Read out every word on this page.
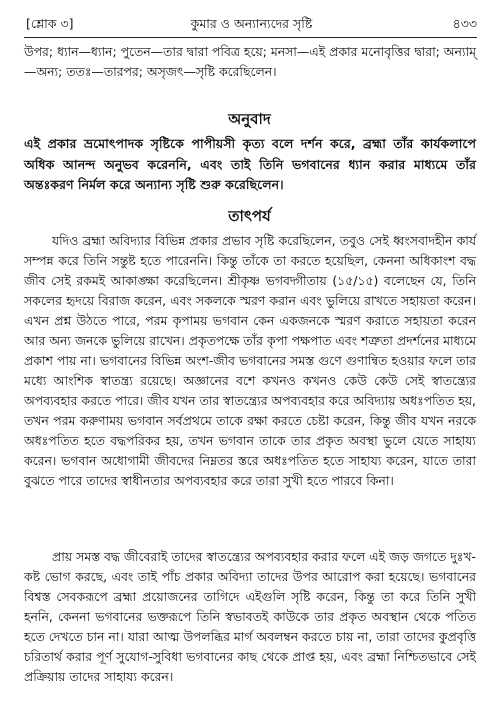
[শ্লোক ৩]	কুমার ও অন্যান্যদের সৃষ্টি	৪৩৩

উপর; ধ্যান—ধ্যান; পুতেন—তার দ্বারা পবিত্র হয়ে; মনসা—এই প্রকার মনোবৃত্তির দ্বারা; অন্যাম্—অন্য; ততঃ—তারপর; অসৃজৎ—সৃষ্টি করেছিলেন।

অনুবাদ

এই প্রকার ভ্রমোৎপাদক সৃষ্টিকে পাপীয়সী কৃত্য বলে দর্শন করে, ব্রহ্মা তাঁর কার্যকলাপে অধিক আনন্দ অনুভব করেননি, এবং তাই তিনি ভগবানের ধ্যান করার মাধ্যমে তাঁর অন্তঃকরণ নির্মল করে অন্যান্য সৃষ্টি শুরু করেছিলেন।

তাৎপর্য

যদিও ব্রহ্মা অবিদ্যার বিভিন্ন প্রকার প্রভাব সৃষ্টি করেছিলেন, তবুও সেই ধ্বংসবাদহীন কার্য সম্পন্ন করে তিনি সন্তুষ্ট হতে পারেননি। কিন্তু তাঁকে তা করতে হয়েছিল, কেননা অধিকাংশ বদ্ধ জীব সেই রকমই আকাঙ্ক্ষা করেছিলেন। শ্রীকৃষ্ণ ভগবদ্গীতায় (১৫/১৫) বলেছেন যে, তিনি সকলের হৃদয়ে বিরাজ করেন, এবং সকলকে স্মরণ করান এবং ভুলিয়ে রাখতে সহায়তা করেন। এখন প্রশ্ন উঠতে পারে, পরম কৃপাময় ভগবান কেন একজনকে স্মরণ করাতে সহায়তা করেন আর অন্য জনকে ভুলিয়ে রাখেন। প্রকৃতপক্ষে তাঁর কৃপা পক্ষপাত এবং শত্রুতা প্রদর্শনের মাধ্যমে প্রকাশ পায় না। ভগবানের বিভিন্ন অংশ-জীব ভগবানের সমস্ত গুণে গুণান্বিত হওয়ার ফলে তার মধ্যে আংশিক স্বাতন্ত্র্য রয়েছে। অজ্ঞানের বশে কখনও কখনও কেউ কেউ সেই স্বাতন্ত্র্যের অপব্যবহার করতে পারে। জীব যখন তার স্বাতন্ত্র্যের অপব্যবহার করে অবিদ্যায় অধঃপতিত হয়, তখন পরম করুণাময় ভগবান সর্বপ্রথমে তাকে রক্ষা করতে চেষ্টা করেন, কিন্তু জীব যখন নরকে অধঃপতিত হতে বদ্ধপরিকর হয়, তখন ভগবান তাকে তার প্রকৃত অবস্থা ভুলে যেতে সাহায্য করেন। ভগবান অধোগামী জীবদের নিম্নতর স্তরে অধঃপতিত হতে সাহায্য করেন, যাতে তারা বুঝতে পারে তাদের স্বাধীনতার অপব্যবহার করে তারা সুখী হতে পারবে কিনা।

প্রায় সমস্ত বদ্ধ জীবেরাই তাদের স্বাতন্ত্র্যের অপব্যবহার করার ফলে এই জড় জগতে দুঃখ-কষ্ট ভোগ করছে, এবং তাই পাঁচ প্রকার অবিদ্যা তাদের উপর আরোপ করা হয়েছে। ভগবানের বিশ্বস্ত সেবকরূপে ব্রহ্মা প্রয়োজনের তাগিদে এইগুলি সৃষ্টি করেন, কিন্তু তা করে তিনি সুখী হননি, কেননা ভগবানের ভক্তরূপে তিনি স্বভাবতই কাউকে তার প্রকৃত অবস্থান থেকে পতিত হতে দেখতে চান না। যারা আত্ম উপলব্ধির মার্গ অবলম্বন করতে চায় না, তারা তাদের কুপ্রবৃত্তি চরিতার্থ করার পূর্ণ সুযোগ-সুবিধা ভগবানের কাছ থেকে প্রাপ্ত হয়, এবং ব্রহ্মা নিশ্চিতভাবে সেই প্রক্রিয়ায় তাদের সাহায্য করেন।
